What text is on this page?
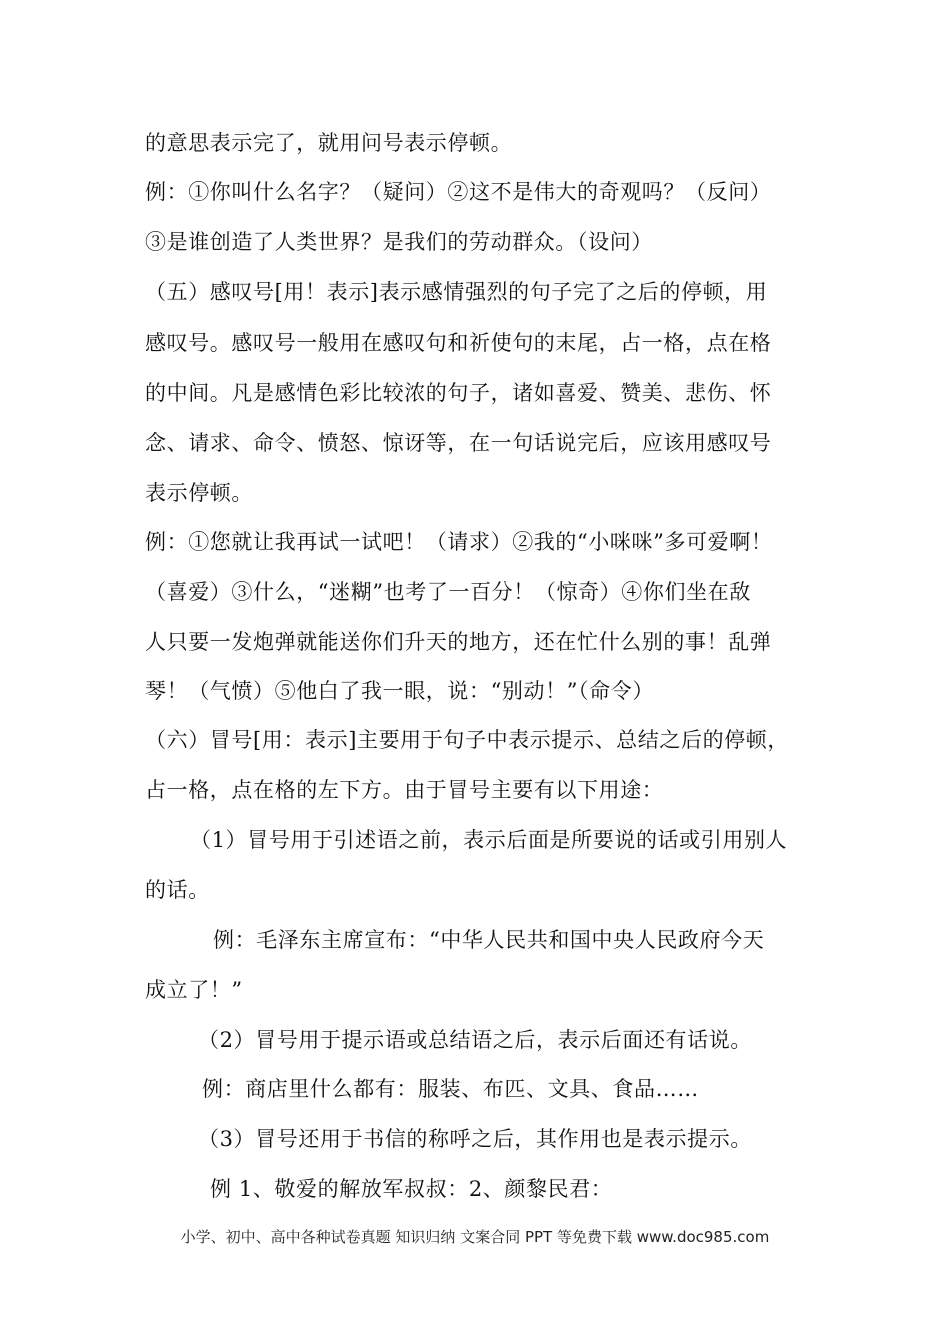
的意思表示完了，就用问号表示停顿。
例：①你叫什么名字？（疑问）②这不是伟大的奇观吗？（反问）
③是谁创造了人类世界？是我们的劳动群众。（设问）
（五）感叹号[用！表示]表示感情强烈的句子完了之后的停顿，用
感叹号。感叹号一般用在感叹句和祈使句的末尾，占一格，点在格
的中间。凡是感情色彩比较浓的句子，诸如喜爱、赞美、悲伤、怀
念、请求、命令、愤怒、惊讶等，在一句话说完后，应该用感叹号
表示停顿。
例：①您就让我再试一试吧！（请求）②我的“小咪咪”多可爱啊！
（喜爱）③什么，“迷糊”也考了一百分！（惊奇）④你们坐在敌
人只要一发炮弹就能送你们升天的地方，还在忙什么别的事！乱弹
琴！（气愤）⑤他白了我一眼，说：“别动！”（命令）
（六）冒号[用：表示]主要用于句子中表示提示、总结之后的停顿，
占一格，点在格的左下方。由于冒号主要有以下用途：
（1）冒号用于引述语之前，表示后面是所要说的话或引用别人
的话。
例：毛泽东主席宣布：“中华人民共和国中央人民政府今天
成立了！”
（2）冒号用于提示语或总结语之后，表示后面还有话说。
例：商店里什么都有：服装、布匹、文具、食品……
（3）冒号还用于书信的称呼之后，其作用也是表示提示。
例 1、敬爱的解放军叔叔：2、颜黎民君：
小学、初中、高中各种试卷真题 知识归纳 文案合同 PPT 等免费下载 www.doc985.com
